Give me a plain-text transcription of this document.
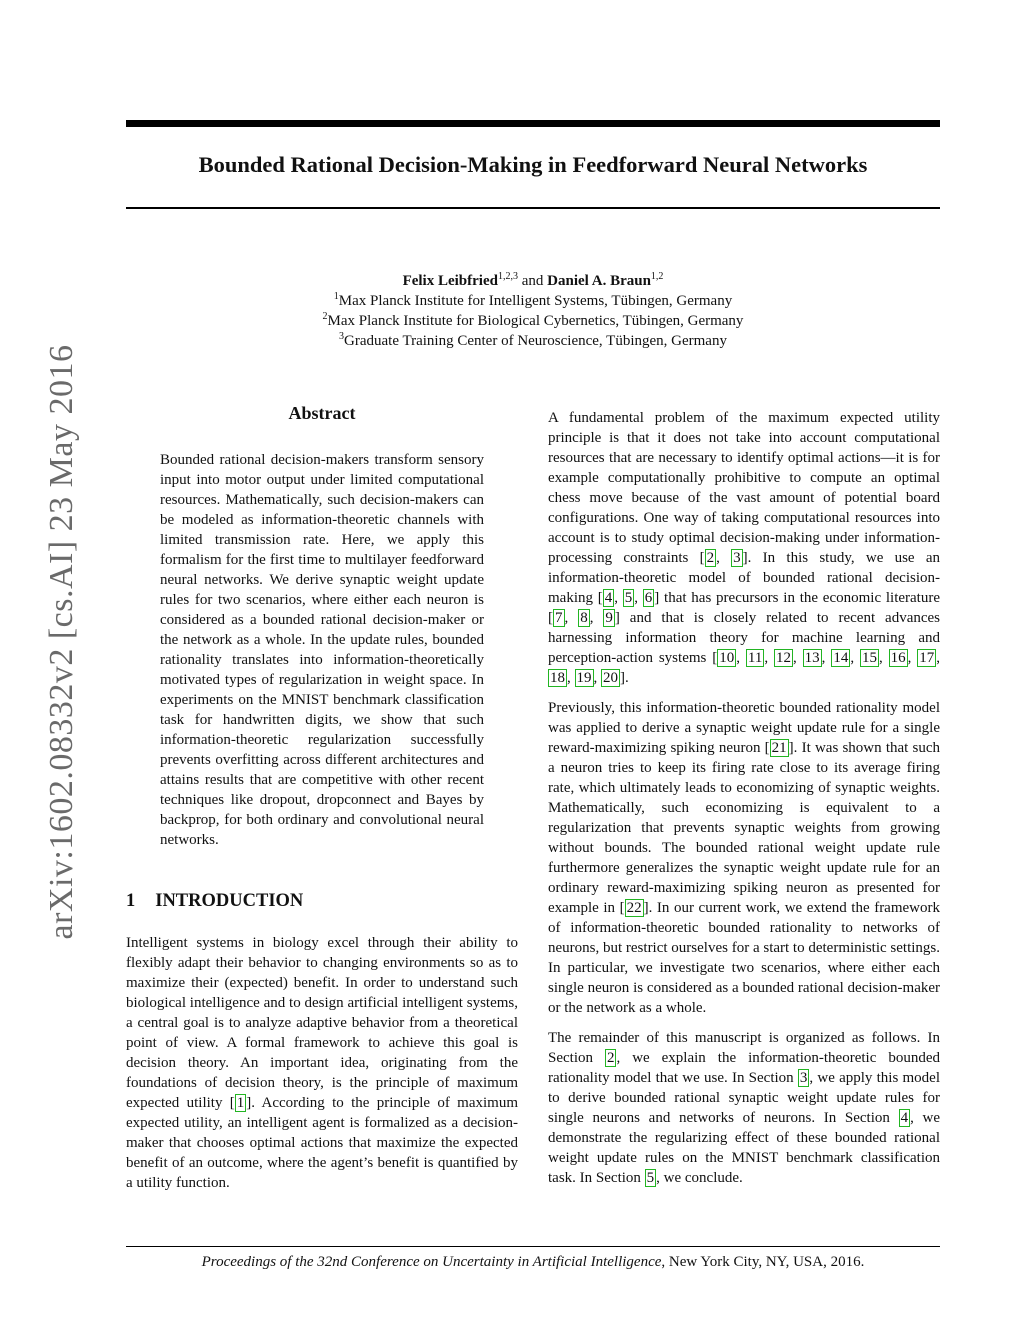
arXiv:1602.08332v2 [cs.AI] 23 May 2016
Bounded Rational Decision-Making in Feedforward Neural Networks
Felix Leibfried$^{1,2,3}$ and Daniel A. Braun$^{1,2}$
$^1$Max Planck Institute for Intelligent Systems, Tübingen, Germany
$^2$Max Planck Institute for Biological Cybernetics, Tübingen, Germany
$^3$Graduate Training Center of Neuroscience, Tübingen, Germany
Abstract

Bounded rational decision-makers transform sensory input into motor output under limited computational resources. Mathematically, such decision-makers can be modeled as information-theoretic channels with limited transmission rate. Here, we apply this formalism for the first time to multilayer feedforward neural networks. We derive synaptic weight update rules for two scenarios, where either each neuron is considered as a bounded rational decision-maker or the network as a whole. In the update rules, bounded rationality translates into information-theoretically motivated types of regularization in weight space. In experiments on the MNIST benchmark classification task for handwritten digits, we show that such information-theoretic regularization successfully prevents overfitting across different architectures and attains results that are competitive with other recent techniques like dropout, dropconnect and Bayes by backprop, for both ordinary and convolutional neural networks.

1 INTRODUCTION

Intelligent systems in biology excel through their ability to flexibly adapt their behavior to changing environments so as to maximize their (expected) benefit. In order to understand such biological intelligence and to design artificial intelligent systems, a central goal is to analyze adaptive behavior from a theoretical point of view. A formal framework to achieve this goal is decision theory. An important idea, originating from the foundations of decision theory, is the principle of maximum expected utility [ 1 ]. According to the principle of maximum expected utility, an intelligent agent is formalized as a decision-maker that chooses optimal actions that maximize the expected benefit of an outcome, where the agent’s benefit is quantified by a utility function.

A fundamental problem of the maximum expected utility principle is that it does not take into account computational resources that are necessary to identify optimal actions—it is for example computationally prohibitive to compute an optimal chess move because of the vast amount of potential board configurations. One way of taking computational resources into account is to study optimal decision-making under information-processing constraints [ 2 , 3 ]. In this study, we use an information-theoretic model of bounded rational decision-making [ 4 , 5 , 6 ] that has precursors in the economic literature [ 7 , 8 , 9 ] and that is closely related to recent advances harnessing information theory for machine learning and perception-action systems [ 10 , 11 , 12 , 13 , 14 , 15 , 16 , 17 , 18 , 19 , 20 ].

Previously, this information-theoretic bounded rationality model was applied to derive a synaptic weight update rule for a single reward-maximizing spiking neuron [ 21 ]. It was shown that such a neuron tries to keep its firing rate close to its average firing rate, which ultimately leads to economizing of synaptic weights. Mathematically, such economizing is equivalent to a regularization that prevents synaptic weights from growing without bounds. The bounded rational weight update rule furthermore generalizes the synaptic weight update rule for an ordinary reward-maximizing spiking neuron as presented for example in [ 22 ]. In our current work, we extend the framework of information-theoretic bounded rationality to networks of neurons, but restrict ourselves for a start to deterministic settings. In particular, we investigate two scenarios, where either each single neuron is considered as a bounded rational decision-maker or the network as a whole.

The remainder of this manuscript is organized as follows. In Section 2 , we explain the information-theoretic bounded rationality model that we use. In Section 3 , we apply this model to derive bounded rational synaptic weight update rules for single neurons and networks of neurons. In Section 4 , we demonstrate the regularizing effect of these bounded rational weight update rules on the MNIST benchmark classification task. In Section 5 , we conclude.

Proceedings of the 32nd Conference on Uncertainty in Artificial Intelligence, New York City, NY, USA, 2016.
